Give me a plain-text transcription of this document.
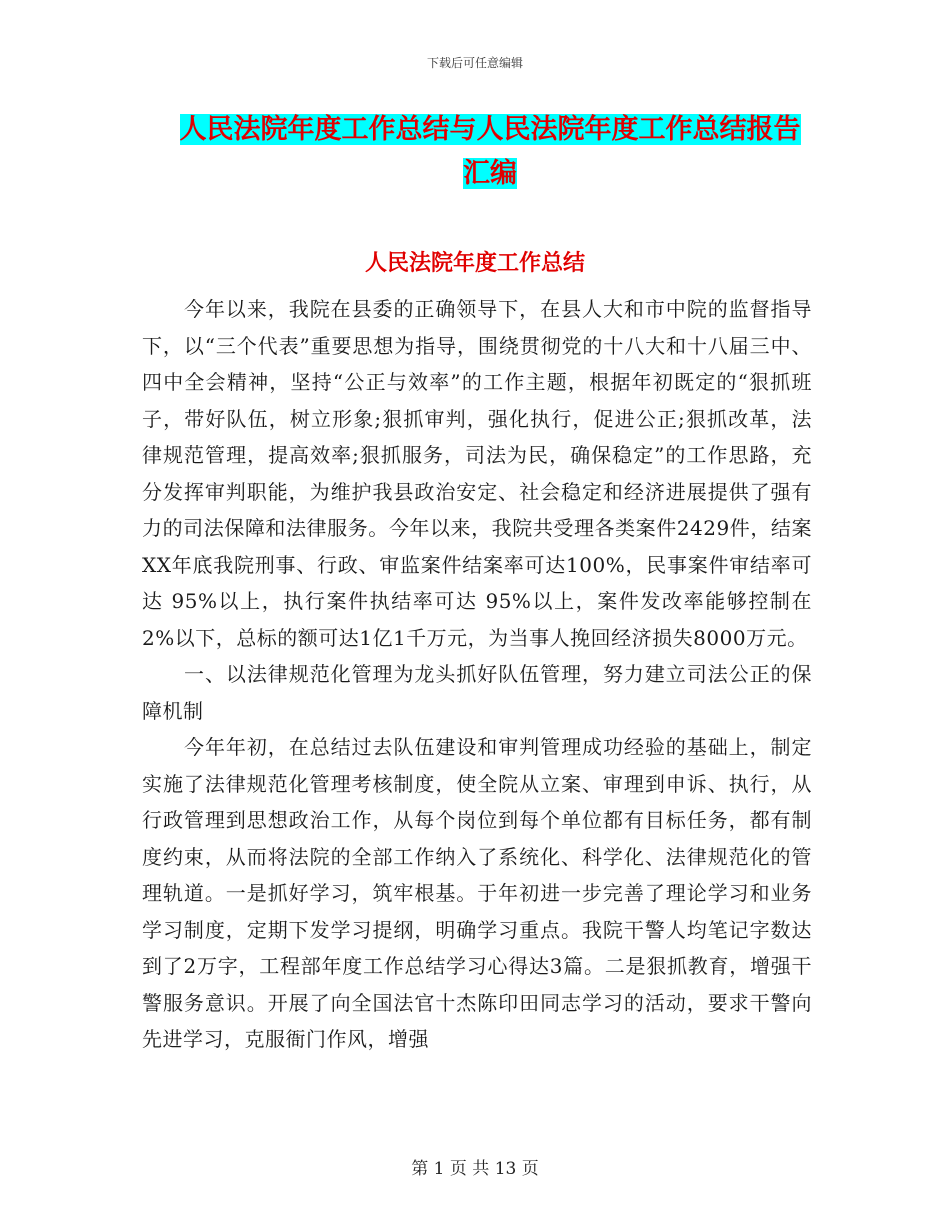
下载后可任意编辑
人民法院年度工作总结与人民法院年度工作总结报告
汇编
人民法院年度工作总结

今年以来，我院在县委的正确领导下，在县人大和市中院的监督指导下，以“三个代表”重要思想为指导，围绕贯彻党的十八大和十八届三中、四中全会精神，坚持“公正与效率”的工作主题，根据年初既定的“狠抓班子，带好队伍，树立形象;狠抓审判，强化执行，促进公正;狠抓改革，法律规范管理，提高效率;狠抓服务，司法为民，确保稳定”的工作思路，充分发挥审判职能，为维护我县政治安定、社会稳定和经济进展提供了强有力的司法保障和法律服务。今年以来，我院共受理各类案件2429件，结案XX年底我院刑事、行政、审监案件结案率可达100%，民事案件审结率可达 95%以上，执行案件执结率可达 95%以上，案件发改率能够控制在 2%以下，总标的额可达1亿1千万元，为当事人挽回经济损失8000万元。

一、以法律规范化管理为龙头抓好队伍管理，努力建立司法公正的保障机制

今年年初，在总结过去队伍建设和审判管理成功经验的基础上，制定实施了法律规范化管理考核制度，使全院从立案、审理到申诉、执行，从行政管理到思想政治工作，从每个岗位到每个单位都有目标任务，都有制度约束，从而将法院的全部工作纳入了系统化、科学化、法律规范化的管理轨道。一是抓好学习，筑牢根基。于年初进一步完善了理论学习和业务学习制度，定期下发学习提纲，明确学习重点。我院干警人均笔记字数达到了2万字，工程部年度工作总结学习心得达3篇。二是狠抓教育，增强干警服务意识。开展了向全国法官十杰陈印田同志学习的活动，要求干警向先进学习，克服衙门作风，增强

第 1 页 共 13 页
